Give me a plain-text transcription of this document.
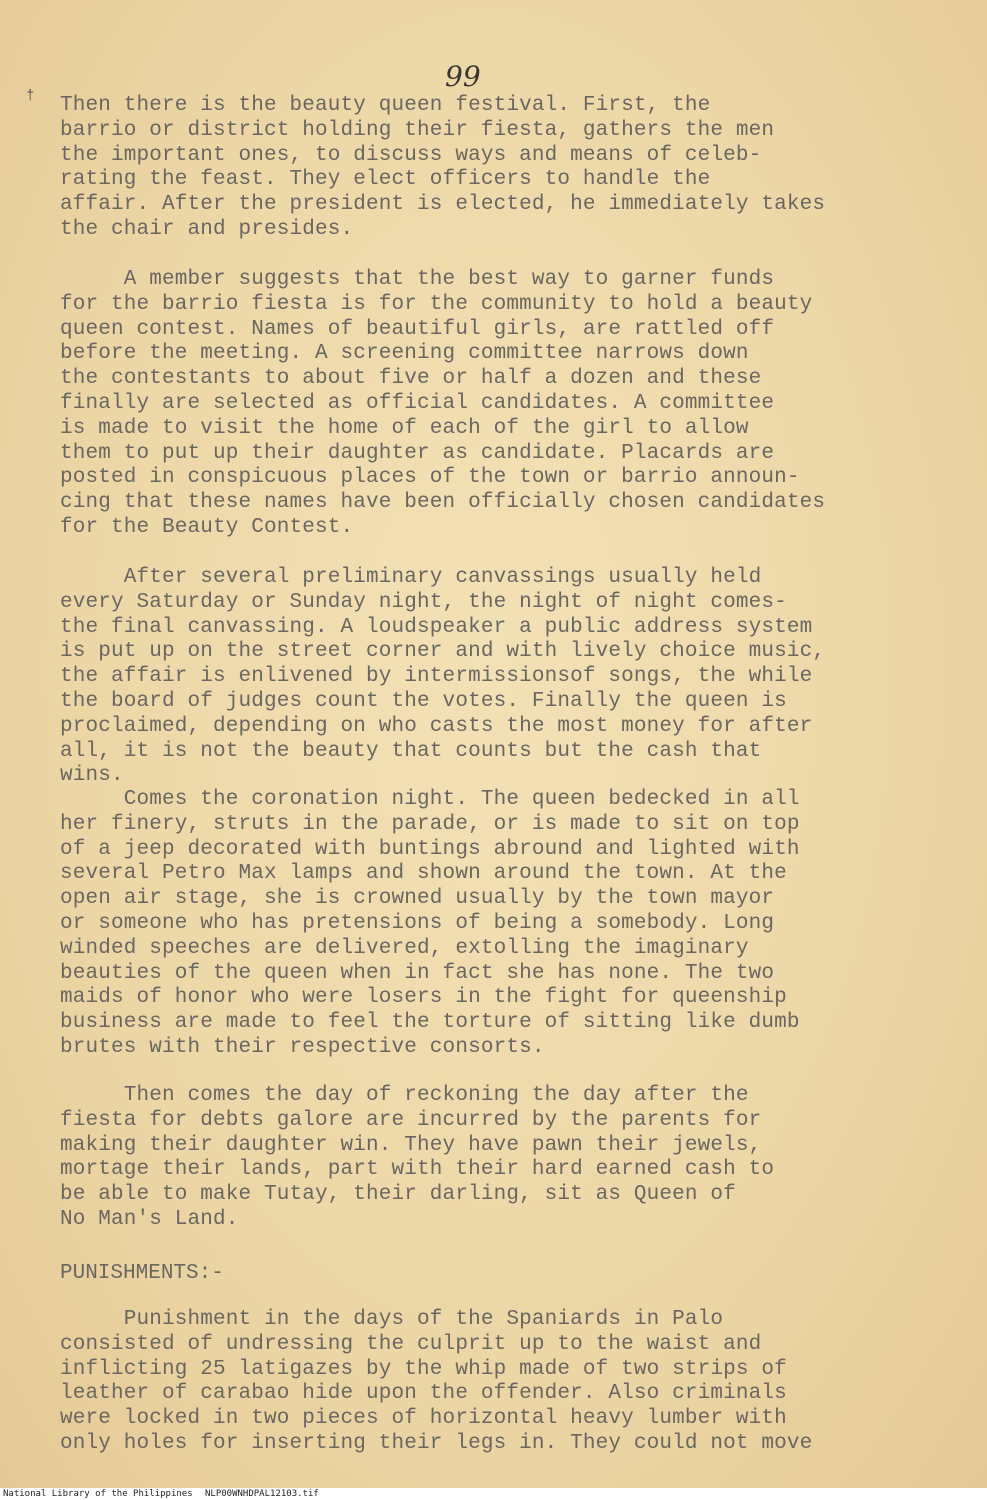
99
† Then there is the beauty queen festival. First, the
barrio or district holding their fiesta, gathers the men
the important ones, to discuss ways and means of celeb-
rating the feast. They elect officers to handle the
affair. After the president is elected, he immediately takes
the chair and presides.
A member suggests that the best way to garner funds
for the barrio fiesta is for the community to hold a beauty
queen contest. Names of beautiful girls, are rattled off
before the meeting. A screening committee narrows down
the contestants to about five or half a dozen and these
finally are selected as official candidates. A committee
is made to visit the home of each of the girl to allow
them to put up their daughter as candidate. Placards are
posted in conspicuous places of the town or barrio announ-
cing that these names have been officially chosen candidates
for the Beauty Contest.
After several preliminary canvassings usually held
every Saturday or Sunday night, the night of night comes-
the final canvassing. A loudspeaker a public address system
is put up on the street corner and with lively choice music,
the affair is enlivened by intermissionsof songs, the while
the board of judges count the votes. Finally the queen is
proclaimed, depending on who casts the most money for after
all, it is not the beauty that counts but the cash that
wins.
Comes the coronation night. The queen bedecked in all
her finery, struts in the parade, or is made to sit on top
of a jeep decorated with buntings abround and lighted with
several Petro Max lamps and shown around the town. At the
open air stage, she is crowned usually by the town mayor
or someone who has pretensions of being a somebody. Long
winded speeches are delivered, extolling the imaginary
beauties of the queen when in fact she has none. The two
maids of honor who were losers in the fight for queenship
business are made to feel the torture of sitting like dumb
brutes with their respective consorts.
Then comes the day of reckoning the day after the
fiesta for debts galore are incurred by the parents for
making their daughter win. They have pawn their jewels,
mortage their lands, part with their hard earned cash to
be able to make Tutay, their darling, sit as Queen of
No Man's Land.
PUNISHMENTS:-
Punishment in the days of the Spaniards in Palo
consisted of undressing the culprit up to the waist and
inflicting 25 latigazes by the whip made of two strips of
leather of carabao hide upon the offender. Also criminals
were locked in two pieces of horizontal heavy lumber with
only holes for inserting their legs in. They could not move
National Library of the Philippines NLP00WNHDPAL12103.tif
